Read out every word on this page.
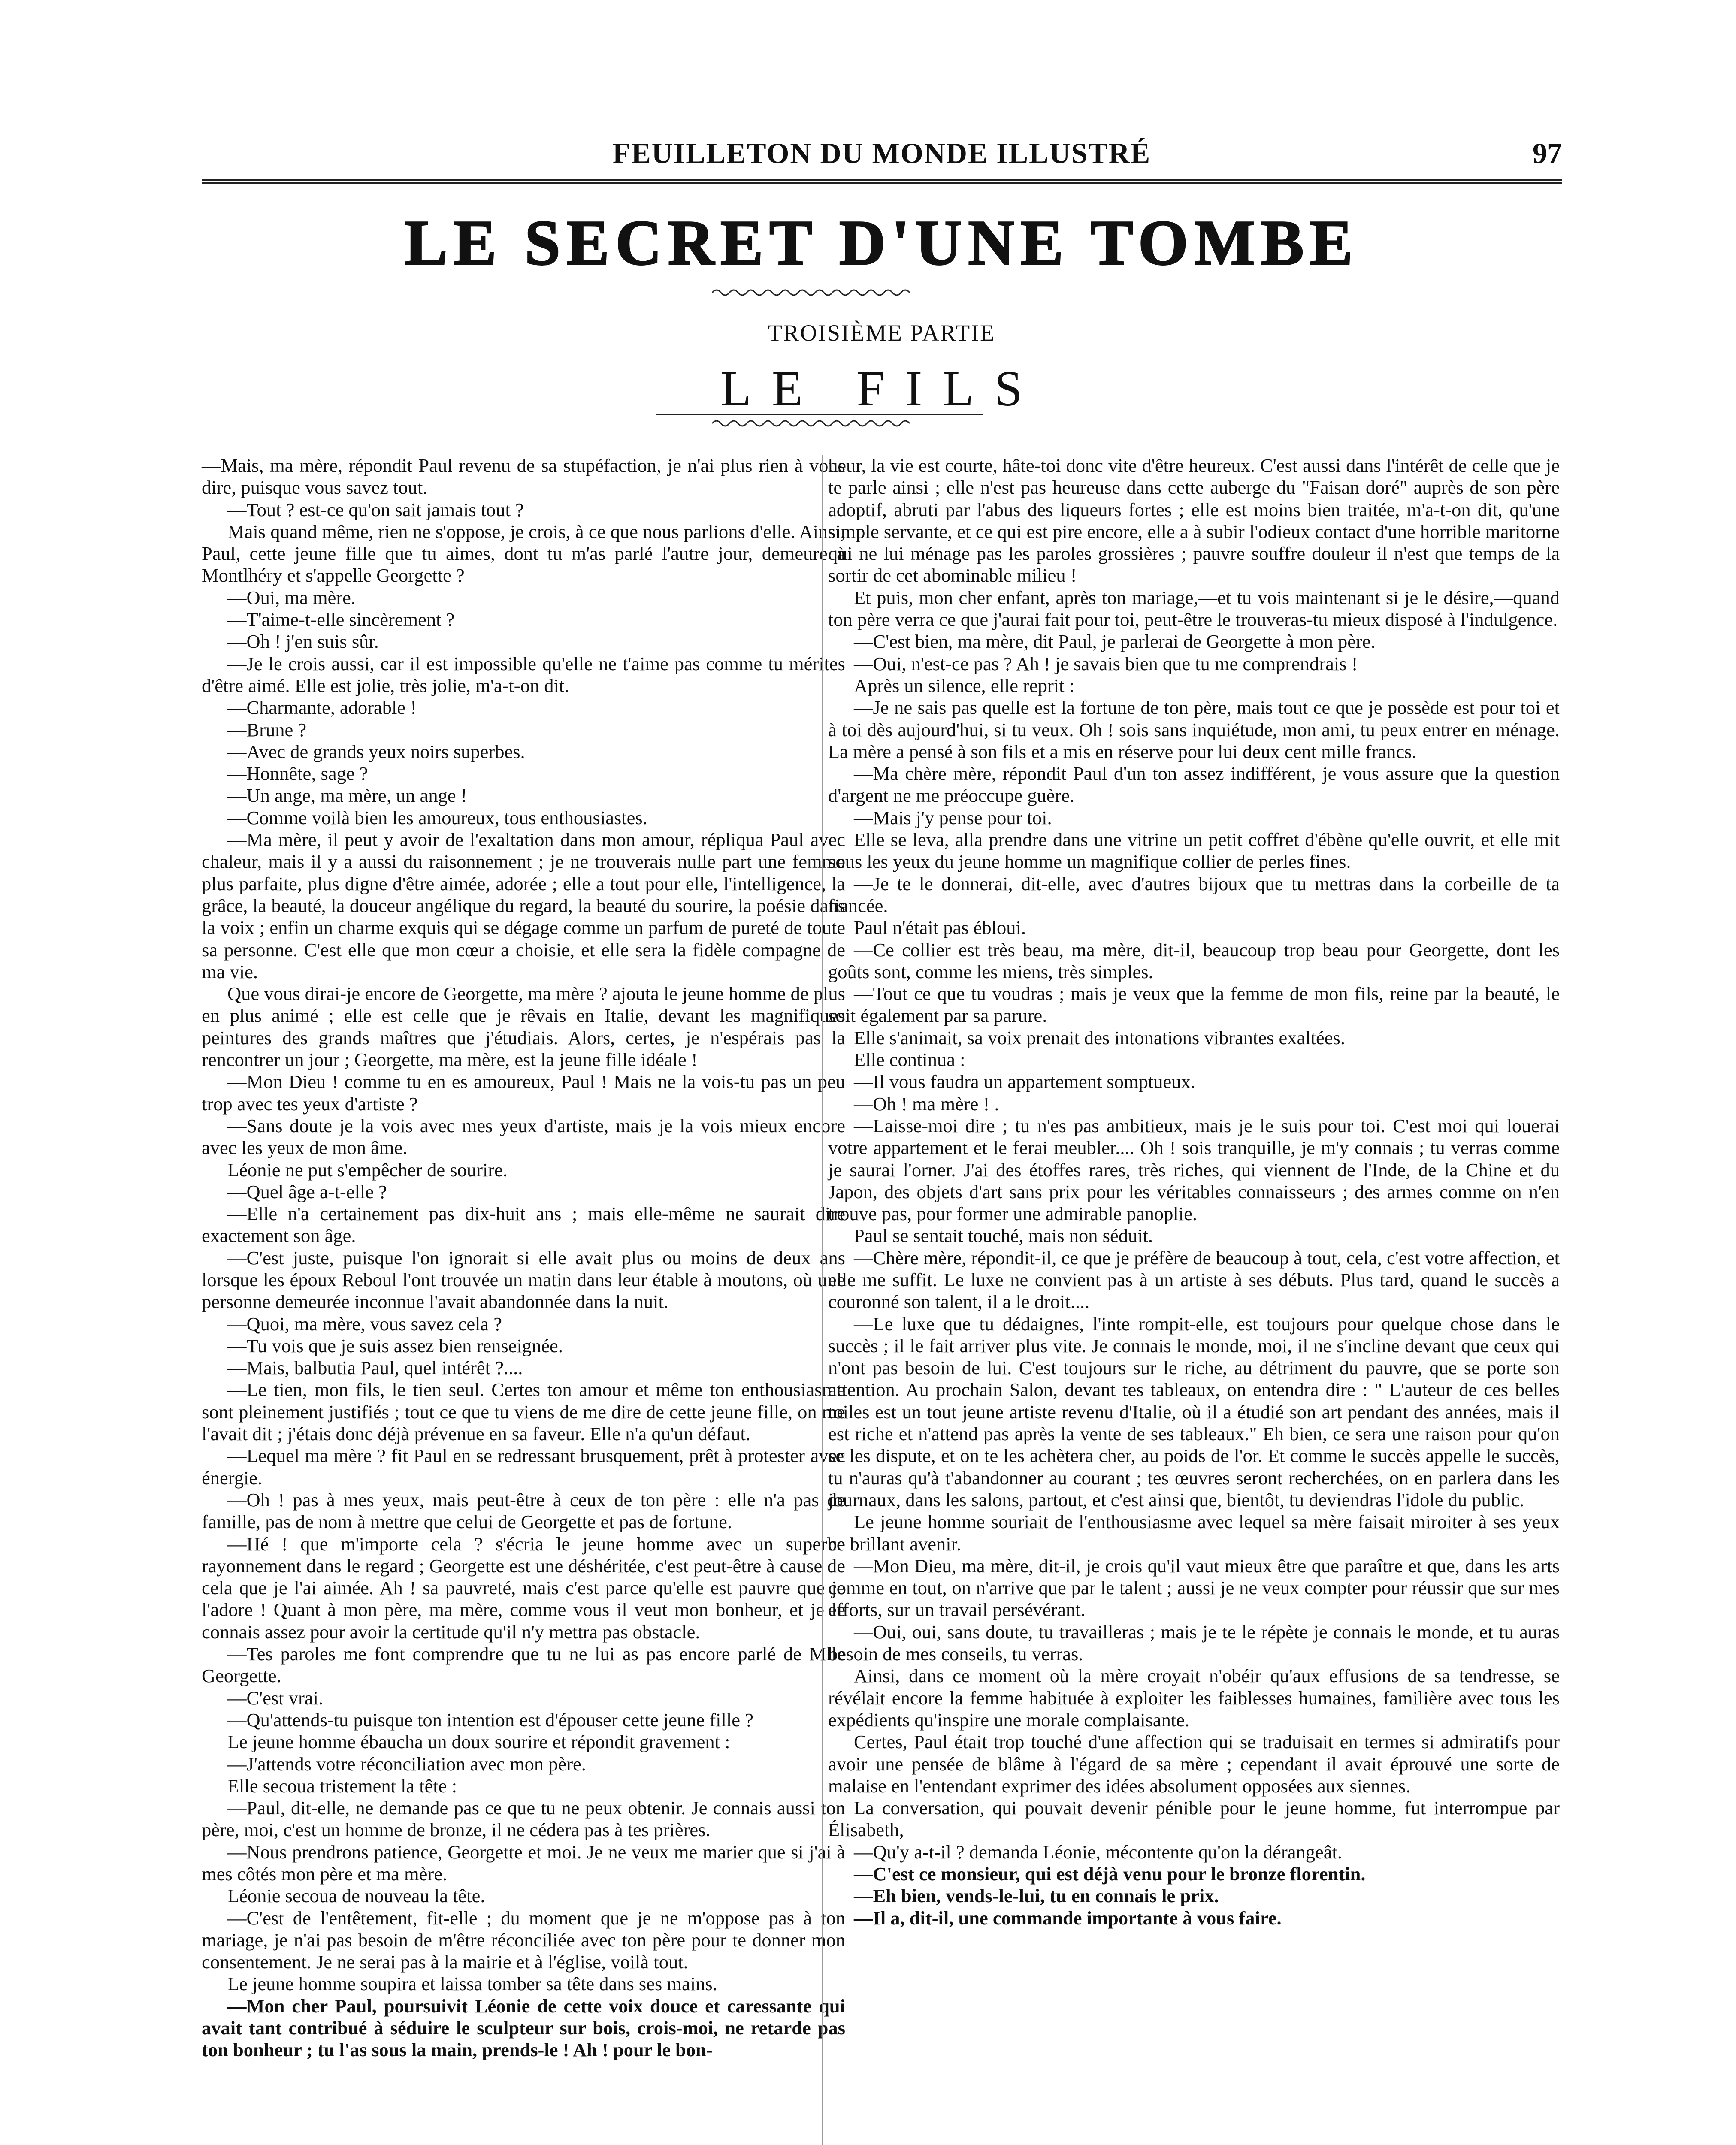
FEUILLETON DU MONDE ILLUSTRÉ	97
LE SECRET D'UNE TOMBE
TROISIÈME PARTIE
LE FILS

—Mais, ma mère, répondit Paul revenu de sa stupéfaction, je n'ai plus rien à vous dire, puisque vous savez tout.

—Tout ? est-ce qu'on sait jamais tout ?

Mais quand même, rien ne s'oppose, je crois, à ce que nous parlions d'elle. Ainsi, Paul, cette jeune fille que tu aimes, dont tu m'as parlé l'autre jour, demeure à Montlhéry et s'appelle Georgette ?

—Oui, ma mère.

—T'aime-t-elle sincèrement ?

—Oh ! j'en suis sûr.

—Je le crois aussi, car il est impossible qu'elle ne t'aime pas comme tu mérites d'être aimé. Elle est jolie, très jolie, m'a-t-on dit.

—Charmante, adorable !

—Brune ?

—Avec de grands yeux noirs superbes.

—Honnête, sage ?

—Un ange, ma mère, un ange !

—Comme voilà bien les amoureux, tous enthousiastes.

—Ma mère, il peut y avoir de l'exaltation dans mon amour, répliqua Paul avec chaleur, mais il y a aussi du raisonnement ; je ne trouverais nulle part une femme plus parfaite, plus digne d'être aimée, adorée ; elle a tout pour elle, l'intelligence, la grâce, la beauté, la douceur angélique du regard, la beauté du sourire, la poésie dans la voix ; enfin un charme exquis qui se dégage comme un parfum de pureté de toute sa personne. C'est elle que mon cœur a choisie, et elle sera la fidèle compagne de ma vie.

Que vous dirai-je encore de Georgette, ma mère ? ajouta le jeune homme de plus en plus animé ; elle est celle que je rêvais en Italie, devant les magnifiques peintures des grands maîtres que j'étudiais. Alors, certes, je n'espérais pas la rencontrer un jour ; Georgette, ma mère, est la jeune fille idéale !

—Mon Dieu ! comme tu en es amoureux, Paul ! Mais ne la vois-tu pas un peu trop avec tes yeux d'artiste ?

—Sans doute je la vois avec mes yeux d'artiste, mais je la vois mieux encore avec les yeux de mon âme.

Léonie ne put s'empêcher de sourire.

—Quel âge a-t-elle ?

—Elle n'a certainement pas dix-huit ans ; mais elle-même ne saurait dire exactement son âge.

—C'est juste, puisque l'on ignorait si elle avait plus ou moins de deux ans lorsque les époux Reboul l'ont trouvée un matin dans leur étable à moutons, où une personne demeurée inconnue l'avait abandonnée dans la nuit.

—Quoi, ma mère, vous savez cela ?

—Tu vois que je suis assez bien renseignée.

—Mais, balbutia Paul, quel intérêt ?....

—Le tien, mon fils, le tien seul. Certes ton amour et même ton enthousiasme sont pleinement justifiés ; tout ce que tu viens de me dire de cette jeune fille, on me l'avait dit ; j'étais donc déjà prévenue en sa faveur. Elle n'a qu'un défaut.

—Lequel ma mère ? fit Paul en se redressant brusquement, prêt à protester avec énergie.

—Oh ! pas à mes yeux, mais peut-être à ceux de ton père : elle n'a pas de famille, pas de nom à mettre que celui de Georgette et pas de fortune.

—Hé ! que m'importe cela ? s'écria le jeune homme avec un superbe rayonnement dans le regard ; Georgette est une déshéritée, c'est peut-être à cause de cela que je l'ai aimée. Ah ! sa pauvreté, mais c'est parce qu'elle est pauvre que je l'adore ! Quant à mon père, ma mère, comme vous il veut mon bonheur, et je le connais assez pour avoir la certitude qu'il n'y mettra pas obstacle.

—Tes paroles me font comprendre que tu ne lui as pas encore parlé de Mlle Georgette.

—C'est vrai.

—Qu'attends-tu puisque ton intention est d'épouser cette jeune fille ?

Le jeune homme ébaucha un doux sourire et répondit gravement :

—J'attends votre réconciliation avec mon père.

Elle secoua tristement la tête :

—Paul, dit-elle, ne demande pas ce que tu ne peux obtenir. Je connais aussi ton père, moi, c'est un homme de bronze, il ne cédera pas à tes prières.

—Nous prendrons patience, Georgette et moi. Je ne veux me marier que si j'ai à mes côtés mon père et ma mère.

Léonie secoua de nouveau la tête.

—C'est de l'entêtement, fit-elle ; du moment que je ne m'oppose pas à ton mariage, je n'ai pas besoin de m'être réconciliée avec ton père pour te donner mon consentement. Je ne serai pas à la mairie et à l'église, voilà tout.

Le jeune homme soupira et laissa tomber sa tête dans ses mains.

—Mon cher Paul, poursuivit Léonie de cette voix douce et caressante qui avait tant contribué à séduire le sculpteur sur bois, crois-moi, ne retarde pas ton bonheur ; tu l'as sous la main, prends-le ! Ah ! pour le bon-

heur, la vie est courte, hâte-toi donc vite d'être heureux. C'est aussi dans l'intérêt de celle que je te parle ainsi ; elle n'est pas heureuse dans cette auberge du "Faisan doré" auprès de son père adoptif, abruti par l'abus des liqueurs fortes ; elle est moins bien traitée, m'a-t-on dit, qu'une simple servante, et ce qui est pire encore, elle a à subir l'odieux contact d'une horrible maritorne qui ne lui ménage pas les paroles grossières ; pauvre souffre douleur il n'est que temps de la sortir de cet abominable milieu !

Et puis, mon cher enfant, après ton mariage,—et tu vois maintenant si je le désire,—quand ton père verra ce que j'aurai fait pour toi, peut-être le trouveras-tu mieux disposé à l'indulgence.

—C'est bien, ma mère, dit Paul, je parlerai de Georgette à mon père.

—Oui, n'est-ce pas ? Ah ! je savais bien que tu me comprendrais !

Après un silence, elle reprit :

—Je ne sais pas quelle est la fortune de ton père, mais tout ce que je possède est pour toi et à toi dès aujourd'hui, si tu veux. Oh ! sois sans inquiétude, mon ami, tu peux entrer en ménage. La mère a pensé à son fils et a mis en réserve pour lui deux cent mille francs.

—Ma chère mère, répondit Paul d'un ton assez indifférent, je vous assure que la question d'argent ne me préoccupe guère.

—Mais j'y pense pour toi.

Elle se leva, alla prendre dans une vitrine un petit coffret d'ébène qu'elle ouvrit, et elle mit sous les yeux du jeune homme un magnifique collier de perles fines.

—Je te le donnerai, dit-elle, avec d'autres bijoux que tu mettras dans la corbeille de ta fiancée.

Paul n'était pas ébloui.

—Ce collier est très beau, ma mère, dit-il, beaucoup trop beau pour Georgette, dont les goûts sont, comme les miens, très simples.

—Tout ce que tu voudras ; mais je veux que la femme de mon fils, reine par la beauté, le soit également par sa parure.

Elle s'animait, sa voix prenait des intonations vibrantes exaltées.

Elle continua :

—Il vous faudra un appartement somptueux.

—Oh ! ma mère ! .

—Laisse-moi dire ; tu n'es pas ambitieux, mais je le suis pour toi. C'est moi qui louerai votre appartement et le ferai meubler.... Oh ! sois tranquille, je m'y connais ; tu verras comme je saurai l'orner. J'ai des étoffes rares, très riches, qui viennent de l'Inde, de la Chine et du Japon, des objets d'art sans prix pour les véritables connaisseurs ; des armes comme on n'en trouve pas, pour former une admirable panoplie.

Paul se sentait touché, mais non séduit.

—Chère mère, répondit-il, ce que je préfère de beaucoup à tout, cela, c'est votre affection, et elle me suffit. Le luxe ne convient pas à un artiste à ses débuts. Plus tard, quand le succès a couronné son talent, il a le droit....

—Le luxe que tu dédaignes, l'inte rompit-elle, est toujours pour quelque chose dans le succès ; il le fait arriver plus vite. Je connais le monde, moi, il ne s'incline devant que ceux qui n'ont pas besoin de lui. C'est toujours sur le riche, au détriment du pauvre, que se porte son attention. Au prochain Salon, devant tes tableaux, on entendra dire : " L'auteur de ces belles toiles est un tout jeune artiste revenu d'Italie, où il a étudié son art pendant des années, mais il est riche et n'attend pas après la vente de ses tableaux." Eh bien, ce sera une raison pour qu'on se les dispute, et on te les achètera cher, au poids de l'or. Et comme le succès appelle le succès, tu n'auras qu'à t'abandonner au courant ; tes œuvres seront recherchées, on en parlera dans les journaux, dans les salons, partout, et c'est ainsi que, bientôt, tu deviendras l'idole du public.

Le jeune homme souriait de l'enthousiasme avec lequel sa mère faisait miroiter à ses yeux ce brillant avenir.

—Mon Dieu, ma mère, dit-il, je crois qu'il vaut mieux être que paraître et que, dans les arts comme en tout, on n'arrive que par le talent ; aussi je ne veux compter pour réussir que sur mes efforts, sur un travail persévérant.

—Oui, oui, sans doute, tu travailleras ; mais je te le répète je connais le monde, et tu auras besoin de mes conseils, tu verras.

Ainsi, dans ce moment où la mère croyait n'obéir qu'aux effusions de sa tendresse, se révélait encore la femme habituée à exploiter les faiblesses humaines, familière avec tous les expédients qu'inspire une morale complaisante.

Certes, Paul était trop touché d'une affection qui se traduisait en termes si admiratifs pour avoir une pensée de blâme à l'égard de sa mère ; cependant il avait éprouvé une sorte de malaise en l'entendant exprimer des idées absolument opposées aux siennes.

La conversation, qui pouvait devenir pénible pour le jeune homme, fut interrompue par Élisabeth,

—Qu'y a-t-il ? demanda Léonie, mécontente qu'on la dérangeât.

—C'est ce monsieur, qui est déjà venu pour le bronze florentin.

—Eh bien, vends-le-lui, tu en connais le prix.

—Il a, dit-il, une commande importante à vous faire.
